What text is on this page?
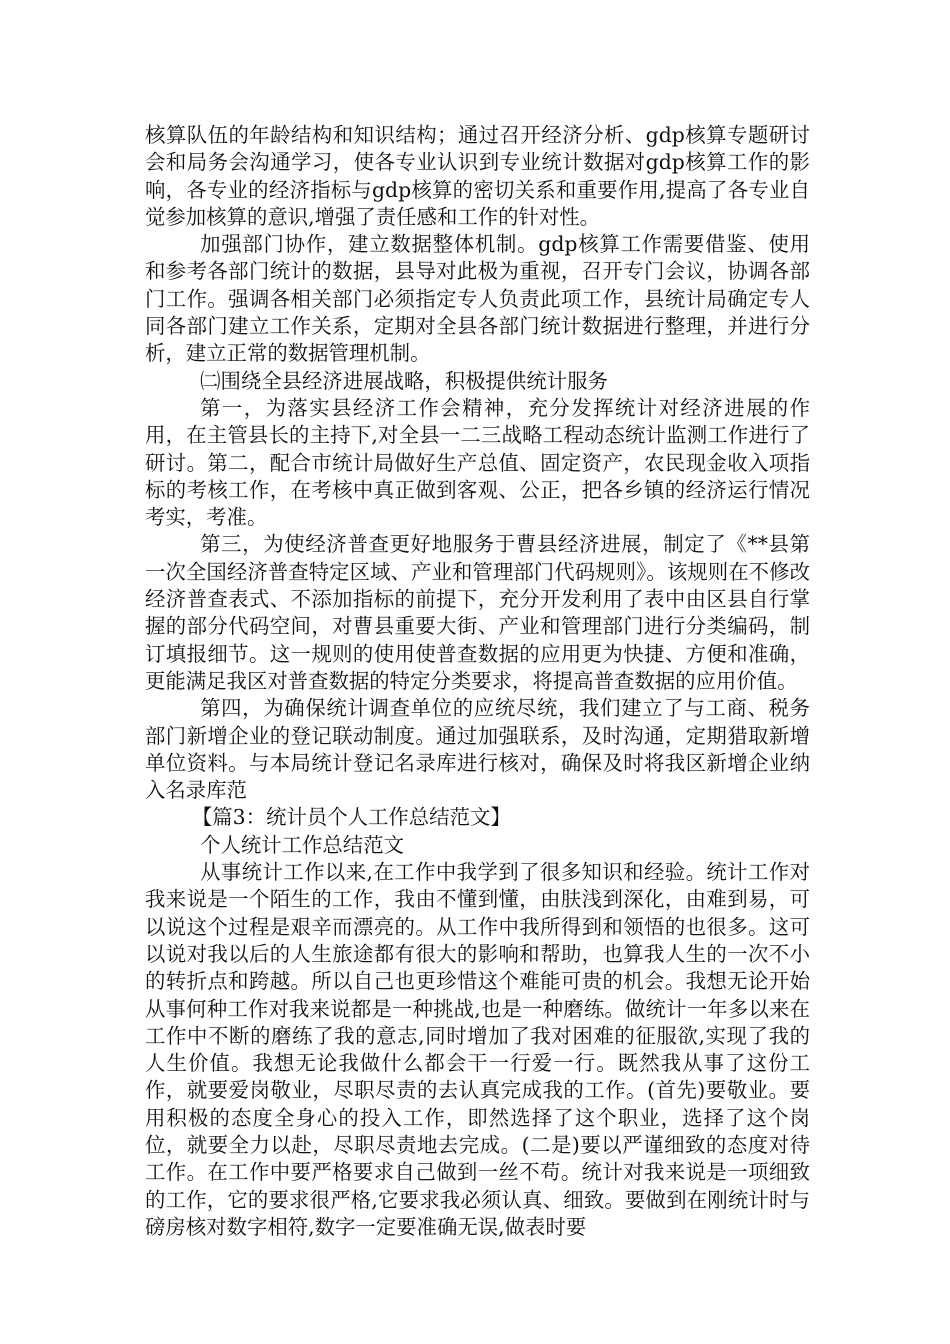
核算队伍的年龄结构和知识结构；通过召开经济分析、gdp核算专题研讨会和局务会沟通学习，使各专业认识到专业统计数据对gdp核算工作的影响，各专业的经济指标与gdp核算的密切关系和重要作用,提高了各专业自觉参加核算的意识,增强了责任感和工作的针对性。

加强部门协作，建立数据整体机制。gdp核算工作需要借鉴、使用和参考各部门统计的数据，县导对此极为重视，召开专门会议，协调各部门工作。强调各相关部门必须指定专人负责此项工作，县统计局确定专人同各部门建立工作关系，定期对全县各部门统计数据进行整理，并进行分析，建立正常的数据管理机制。

㈡围绕全县经济进展战略，积极提供统计服务

第一，为落实县经济工作会精神，充分发挥统计对经济进展的作用，在主管县长的主持下,对全县一二三战略工程动态统计监测工作进行了研讨。第二，配合市统计局做好生产总值、固定资产，农民现金收入项指标的考核工作，在考核中真正做到客观、公正，把各乡镇的经济运行情况考实，考准。

第三，为使经济普查更好地服务于曹县经济进展，制定了《**县第一次全国经济普查特定区域、产业和管理部门代码规则》。该规则在不修改经济普查表式、不添加指标的前提下，充分开发利用了表中由区县自行掌握的部分代码空间，对曹县重要大街、产业和管理部门进行分类编码，制订填报细节。这一规则的使用使普查数据的应用更为快捷、方便和准确，更能满足我区对普查数据的特定分类要求，将提高普查数据的应用价值。

第四，为确保统计调查单位的应统尽统，我们建立了与工商、税务部门新增企业的登记联动制度。通过加强联系，及时沟通，定期猎取新增单位资料。与本局统计登记名录库进行核对，确保及时将我区新增企业纳入名录库范

【篇3：统计员个人工作总结范文】

个人统计工作总结范文

从事统计工作以来,在工作中我学到了很多知识和经验。统计工作对我来说是一个陌生的工作，我由不懂到懂，由肤浅到深化，由难到易，可以说这个过程是艰辛而漂亮的。从工作中我所得到和领悟的也很多。这可以说对我以后的人生旅途都有很大的影响和帮助，也算我人生的一次不小的转折点和跨越。所以自己也更珍惜这个难能可贵的机会。我想无论开始从事何种工作对我来说都是一种挑战,也是一种磨练。做统计一年多以来在工作中不断的磨练了我的意志,同时增加了我对困难的征服欲,实现了我的人生价值。我想无论我做什么都会干一行爱一行。既然我从事了这份工作，就要爱岗敬业，尽职尽责的去认真完成我的工作。(首先)要敬业。要用积极的态度全身心的投入工作，即然选择了这个职业，选择了这个岗位，就要全力以赴，尽职尽责地去完成。(二是)要以严谨细致的态度对待工作。在工作中要严格要求自己做到一丝不苟。统计对我来说是一项细致的工作，它的要求很严格,它要求我必须认真、细致。要做到在刚统计时与磅房核对数字相符,数字一定要准确无误,做表时要
